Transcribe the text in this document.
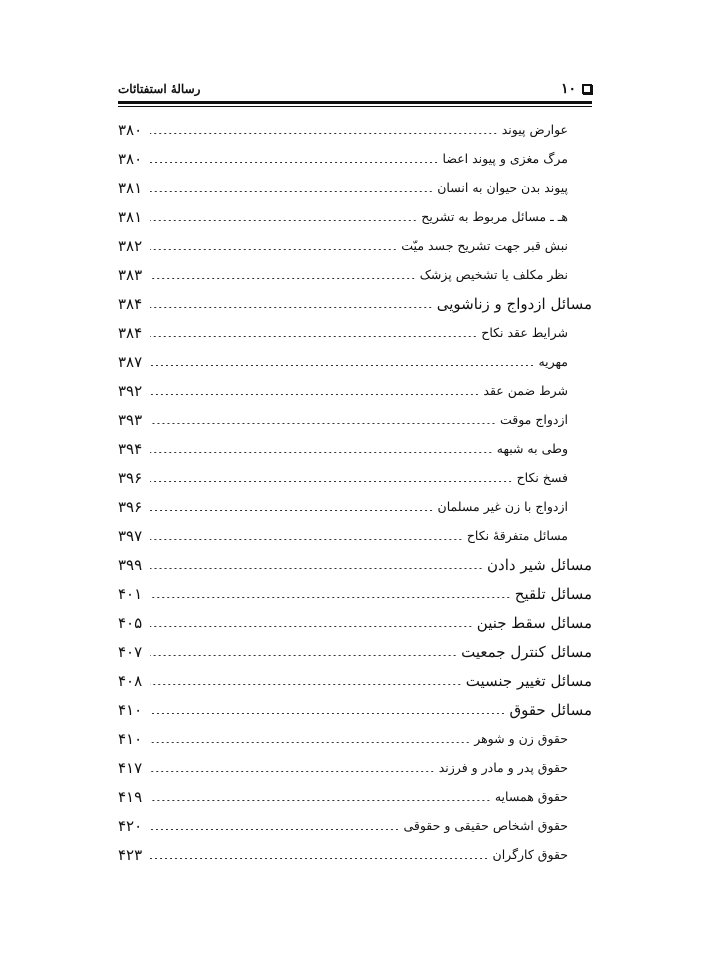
۱۰
رسالهٔ استفتائات
عوارض پیوند
۳۸۰
مرگ مغزی و پیوند اعضا
۳۸۰
پیوند بدن حیوان به انسان
۳۸۱
هـ ـ مسائل مربوط به تشریح
۳۸۱
نبش قبر جهت تشریح جسد میّت
۳۸۲
نظر مکلف یا تشخیص پزشک
۳۸۳
مسائل ازدواج و زناشویی
۳۸۴
شرایط عقد نکاح
۳۸۴
مهریه
۳۸۷
شرط ضمن عقد
۳۹۲
ازدواج موقت
۳۹۳
وطی به شبهه
۳۹۴
فسخ نکاح
۳۹۶
ازدواج با زن غیر مسلمان
۳۹۶
مسائل متفرقهٔ نکاح
۳۹۷
مسائل شیر دادن
۳۹۹
مسائل تلقیح
۴۰۱
مسائل سقط جنین
۴۰۵
مسائل کنترل جمعیت
۴۰۷
مسائل تغییر جنسیت
۴۰۸
مسائل حقوق
۴۱۰
حقوق زن و شوهر
۴۱۰
حقوق پدر و مادر و فرزند
۴۱۷
حقوق همسایه
۴۱۹
حقوق اشخاص حقیقی و حقوقی
۴۲۰
حقوق کارگران
۴۲۳
